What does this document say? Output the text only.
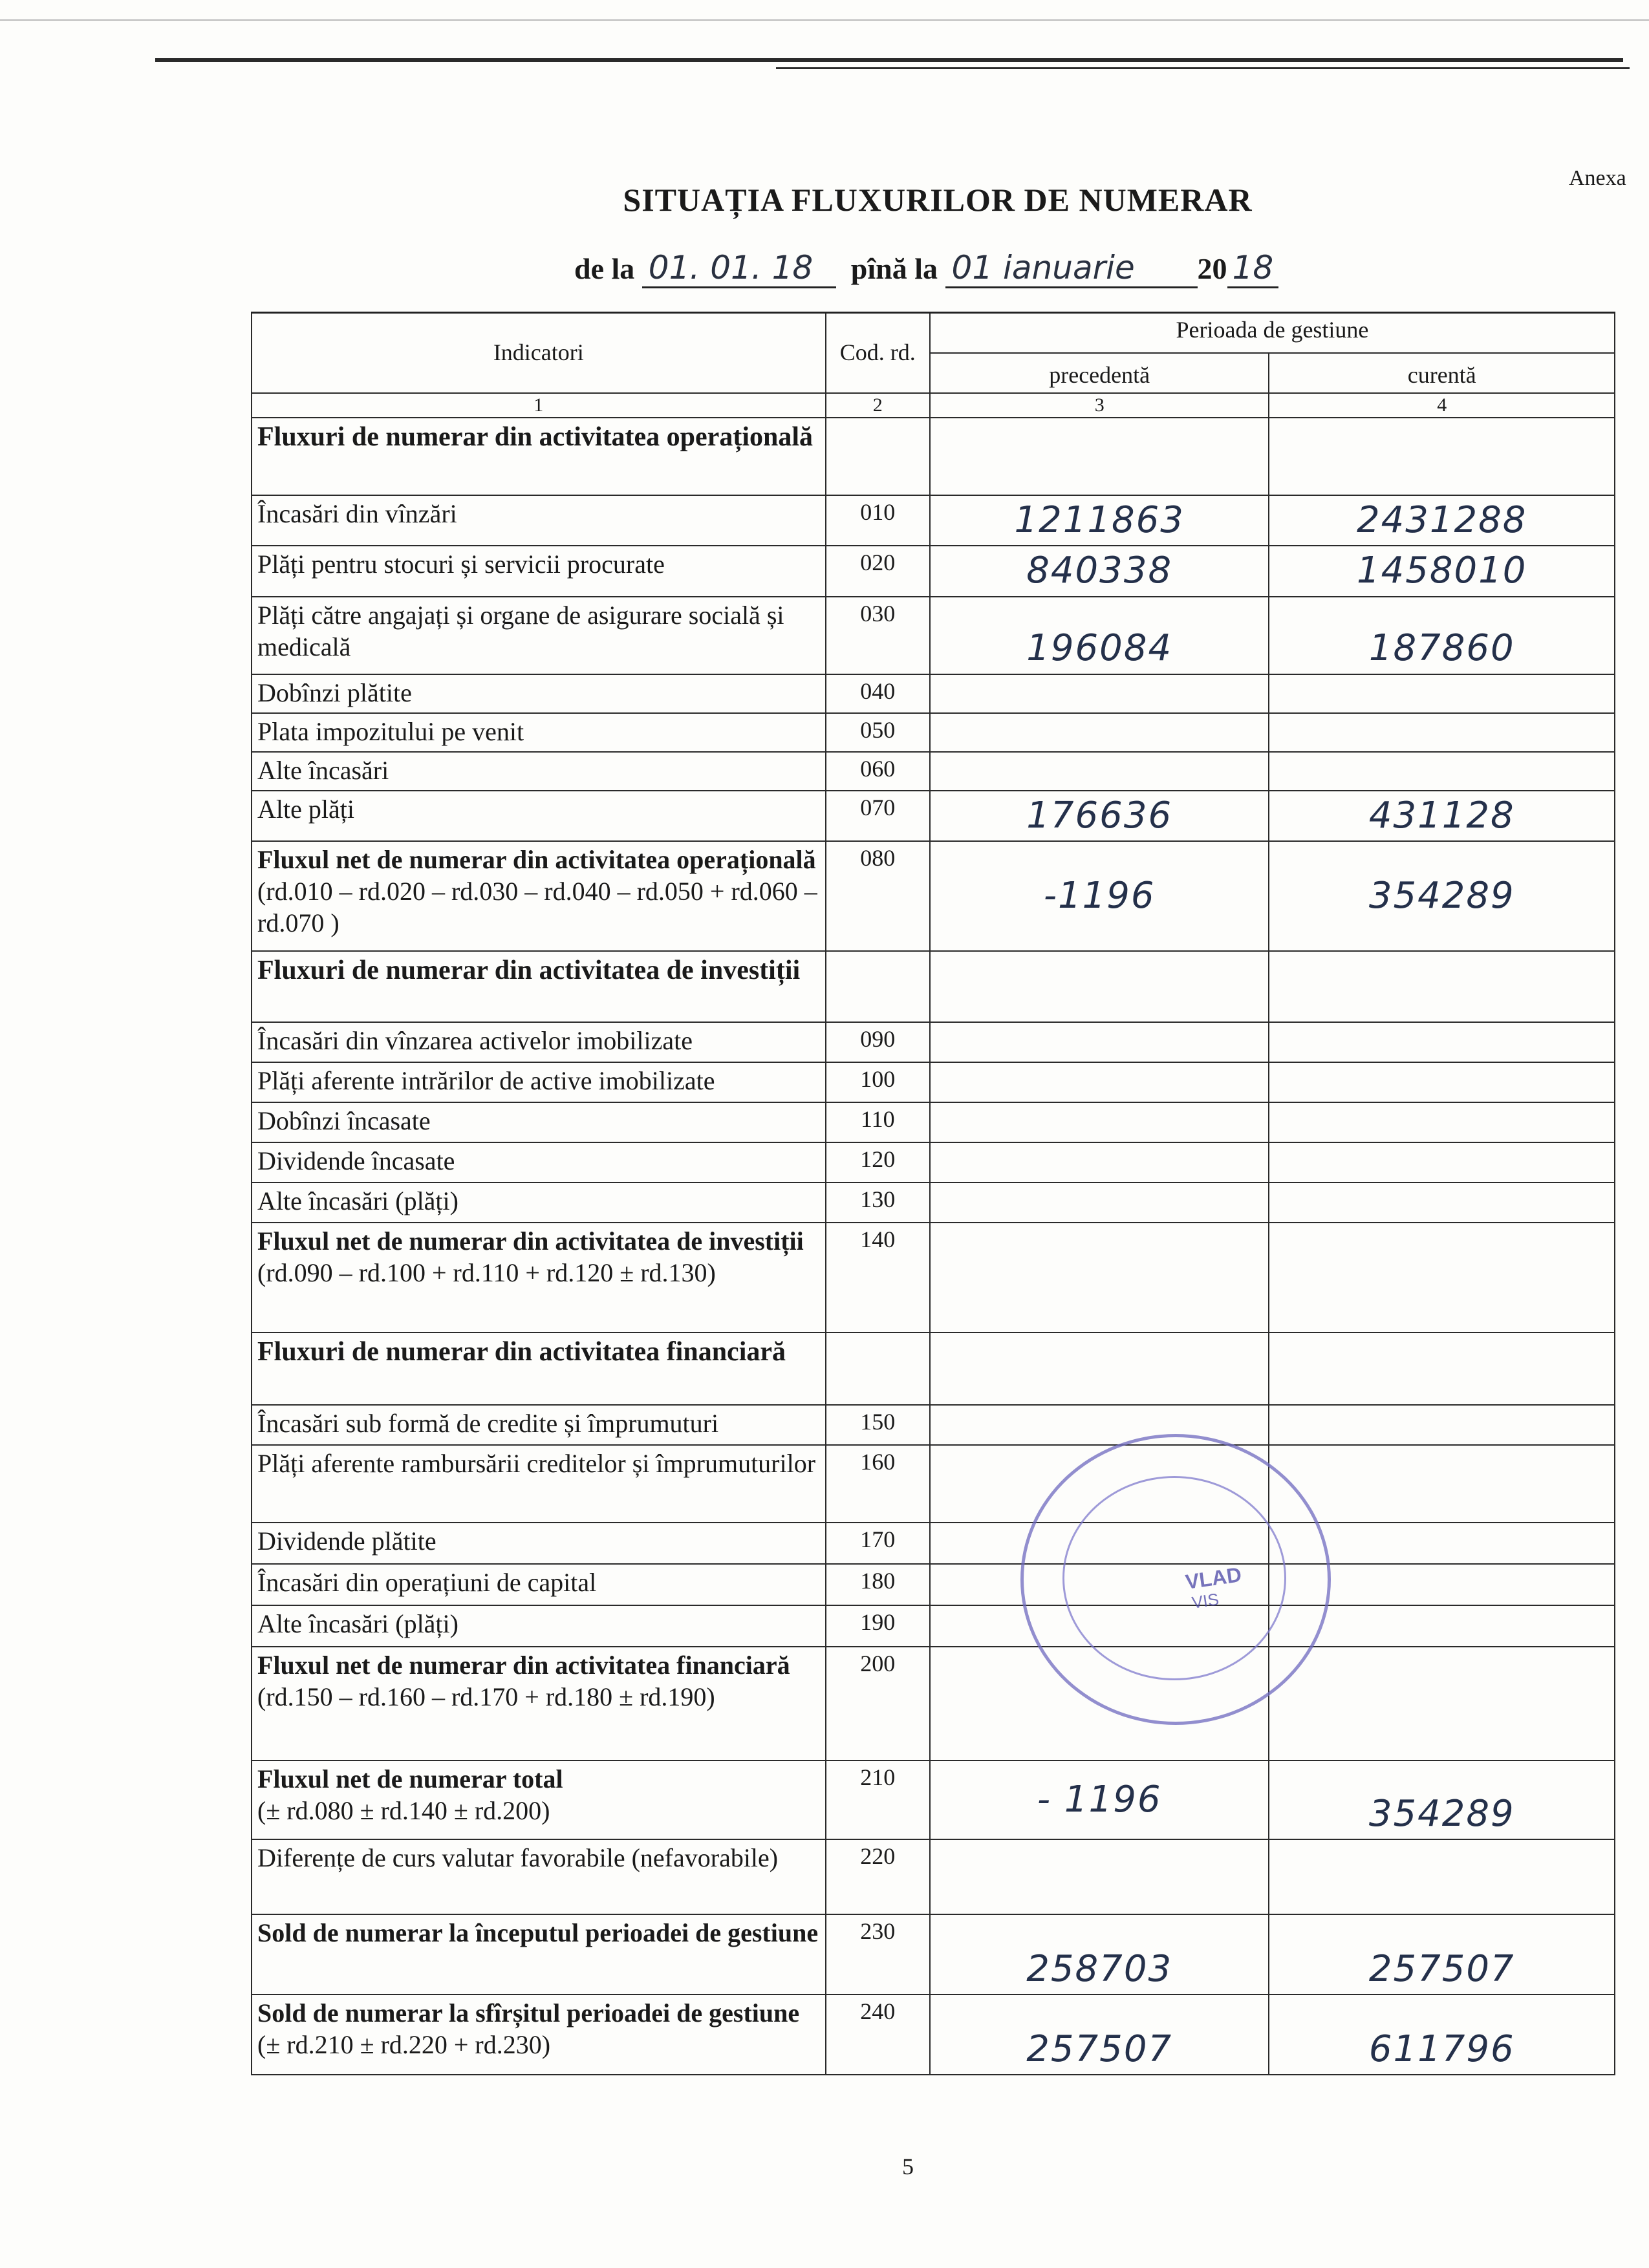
Anexa
SITUAȚIA FLUXURILOR DE NUMERAR
de la 01. 01. 18 pînă la 01 ianuarie 20 18
Indicatori	Cod. rd.	Perioada de gestiune	
		precedentă	curentă
1	2	3	4
Fluxuri de numerar din activitatea operațională			
Încasări din vînzări	010	1211863	2431288
Plăți pentru stocuri și servicii procurate	020	840338	1458010
Plăți către angajați și organe de asigurare socială și medicală	030	196084	187860
Dobînzi plătite	040		
Plata impozitului pe venit	050		
Alte încasări	060		
Alte plăți	070	176636	431128
Fluxul net de numerar din activitatea operațională (rd.010 – rd.020 – rd.030 – rd.040 – rd.050 + rd.060 – rd.070 )	080	-1196	354289
Fluxuri de numerar din activitatea de investiții			
Încasări din vînzarea activelor imobilizate	090		
Plăți aferente intrărilor de active imobilizate	100		
Dobînzi încasate	110		
Dividende încasate	120		
Alte încasări (plăți)	130		
Fluxul net de numerar din activitatea de investiții (rd.090 – rd.100 + rd.110 + rd.120 ± rd.130)	140		
Fluxuri de numerar din activitatea financiară			
Încasări sub formă de credite și împrumuturi	150		
Plăți aferente rambursării creditelor și împrumuturilor	160		
Dividende plătite	170		
Încasări din operațiuni de capital	180		
Alte încasări (plăți)	190		
Fluxul net de numerar din activitatea financiară (rd.150 – rd.160 – rd.170 + rd.180 ± rd.190)	200		
Fluxul net de numerar total
(± rd.080 ± rd.140 ± rd.200)	210	- 1196	354289
Diferențe de curs valutar favorabile (nefavorabile)	220		
Sold de numerar la începutul perioadei de gestiune	230	258703	257507
Sold de numerar la sfîrșitul perioadei de gestiune (± rd.210 ± rd.220 + rd.230)	240	257507	611796
VLAD
VIS
5
